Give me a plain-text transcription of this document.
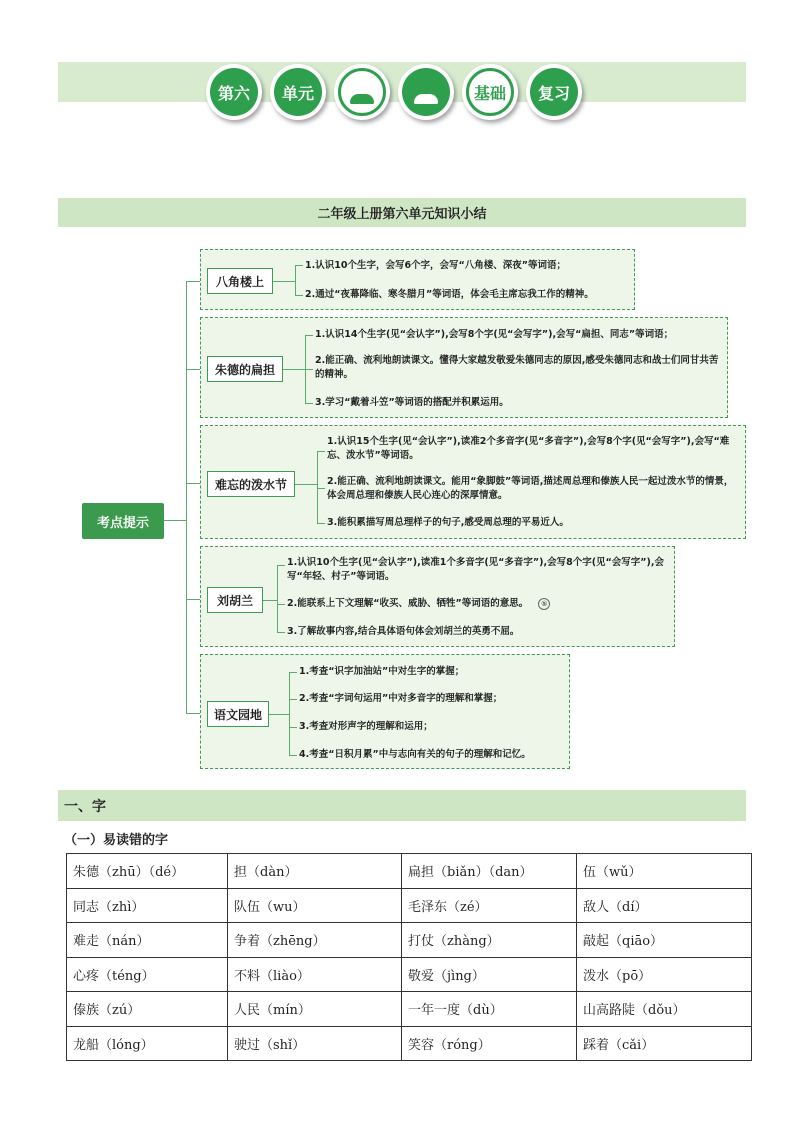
第六	单元	基础	复习
二年级上册第六单元知识小结
考点提示
八角楼上
1.认识10个生字，会写6个字，会写“八角楼、深夜”等词语；
2.通过“夜幕降临、寒冬腊月”等词语，体会毛主席忘我工作的精神。
朱德的扁担
1.认识14个生字(见“会认字”),会写8个字(见“会写字”),会写“扁担、同志”等词语；
2.能正确、流利地朗读课文。懂得大家越发敬爱朱德同志的原因,感受朱德同志和战士们同甘共苦的精神。
3.学习“戴着斗笠”等词语的搭配并积累运用。
难忘的泼水节
1.认识15个生字(见“会认字”),读准2个多音字(见“多音字”),会写8个字(见“会写字”),会写“难忘、泼水节”等词语。
2.能正确、流利地朗读课文。能用“象脚鼓”等词语,描述周总理和傣族人民一起过泼水节的情景，体会周总理和傣族人民心连心的深厚情意。
3.能积累描写周总理样子的句子,感受周总理的平易近人。
刘胡兰
1.认识10个生字(见“会认字”),读准1个多音字(见“多音字”),会写8个字(见“会写字”),会写“年轻、村子”等词语。
2.能联系上下文理解“收买、威胁、牺牲”等词语的意思。 ⑤
3.了解故事内容,结合具体语句体会刘胡兰的英勇不屈。
语文园地
1.考查“识字加油站”中对生字的掌握；
2.考查“字词句运用”中对多音字的理解和掌握；
3.考查对形声字的理解和运用；
4.考查“日积月累”中与志向有关的句子的理解和记忆。
一、字
（一）易读错的字
朱德（zhū）（dé）	担（dàn）	扁担（biǎn）（dan）	伍（wǔ）
同志（zhì）	队伍（wu）	毛泽东（zé）	敌人（dí）
难走（nán）	争着（zhēng）	打仗（zhàng）	敲起（qiāo）
心疼（téng）	不料（liào）	敬爱（jìng）	泼水（pō）
傣族（zú）	人民（mín）	一年一度（dù）	山高路陡（dǒu）
龙船（lóng）	驶过（shǐ）	笑容（róng）	踩着（cǎi）
